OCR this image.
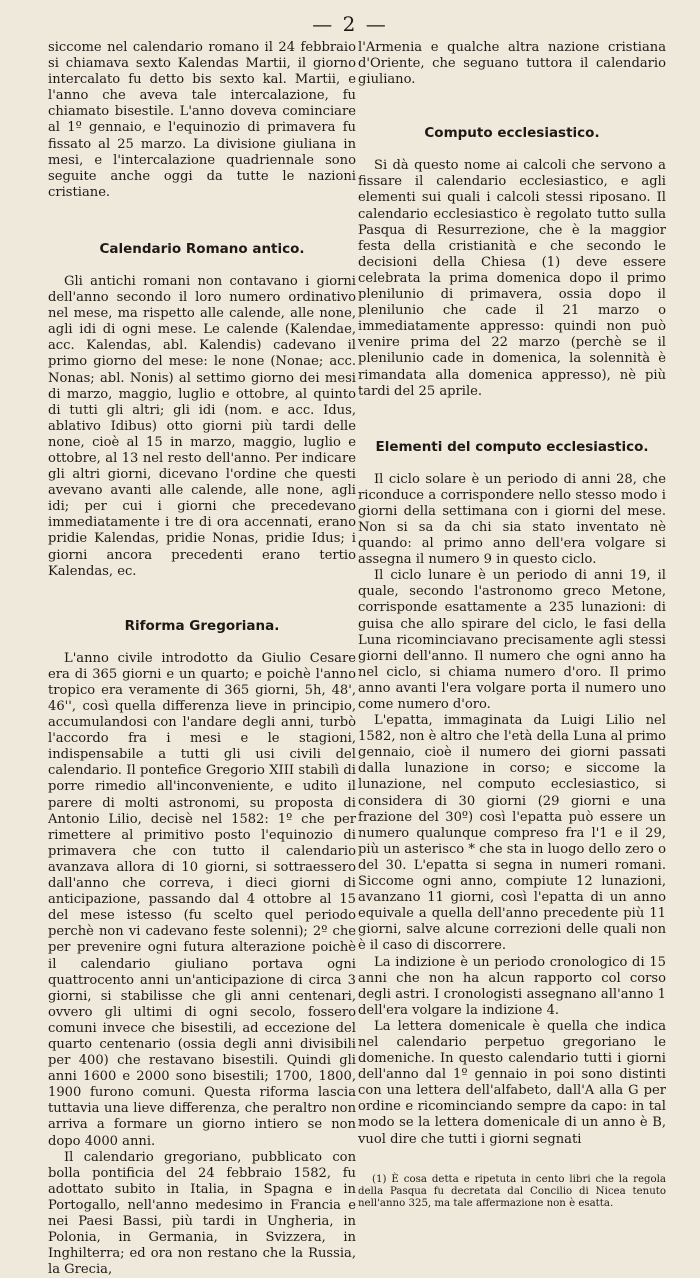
— 2 —

siccome nel calendario romano il 24 febbraio si chiamava sexto Kalendas Martii, il giorno intercalato fu detto bis sexto kal. Martii, e l'anno che aveva tale intercalazione, fu chiamato bisestile. L'anno doveva cominciare al 1º gennaio, e l'equinozio di primavera fu fissato al 25 marzo. La divisione giuliana in mesi, e l'intercalazione quadriennale sono seguite anche oggi da tutte le nazioni cristiane.

Calendario Romano antico.

Gli antichi romani non contavano i giorni dell'anno secondo il loro numero ordinativo nel mese, ma rispetto alle calende, alle none, agli idi di ogni mese. Le calende (Kalendae, acc. Kalendas, abl. Kalendis) cadevano il primo giorno del mese: le none (Nonae; acc. Nonas; abl. Nonis) al settimo giorno dei mesi di marzo, maggio, luglio e ottobre, al quinto di tutti gli altri; gli idi (nom. e acc. Idus, ablativo Idibus) otto giorni più tardi delle none, cioè al 15 in marzo, maggio, luglio e ottobre, al 13 nel resto dell'anno. Per indicare gli altri giorni, dicevano l'ordine che questi avevano avanti alle calende, alle none, agli idi; per cui i giorni che precedevano immediatamente i tre di ora accennati, erano pridie Kalendas, pridie Nonas, pridie Idus; i giorni ancora precedenti erano tertio Kalendas, ec.

Riforma Gregoriana.

L'anno civile introdotto da Giulio Cesare era di 365 giorni e un quarto; e poichè l'anno tropico era veramente di 365 giorni, 5h, 48', 46'', così quella differenza lieve in principio, accumulandosi con l'andare degli anni, turbò l'accordo fra i mesi e le stagioni, indispensabile a tutti gli usi civili del calendario. Il pontefice Gregorio XIII stabilì di porre rimedio all'inconveniente, e udito il parere di molti astronomi, su proposta di Antonio Lilio, decisè nel 1582: 1º che per rimettere al primitivo posto l'equinozio di primavera che con tutto il calendario avanzava allora di 10 giorni, si sottraessero dall'anno che correva, i dieci giorni di anticipazione, passando dal 4 ottobre al 15 del mese istesso (fu scelto quel periodo perchè non vi cadevano feste solenni); 2º che per prevenire ogni futura alterazione poichè il calendario giuliano portava ogni quattrocento anni un'anticipazione di circa 3 giorni, si stabilisse che gli anni centenari, ovvero gli ultimi di ogni secolo, fossero comuni invece che bisestili, ad eccezione del quarto centenario (ossia degli anni divisibili per 400) che restavano bisestili. Quindi gli anni 1600 e 2000 sono bisestili; 1700, 1800, 1900 furono comuni. Questa riforma lascia tuttavia una lieve differenza, che peraltro non arriva a formare un giorno intiero se non dopo 4000 anni.

Il calendario gregoriano, pubblicato con bolla pontificia del 24 febbraio 1582, fu adottato subito in Italia, in Spagna e in Portogallo, nell'anno medesimo in Francia e nei Paesi Bassi, più tardi in Ungheria, in Polonia, in Germania, in Svizzera, in Inghilterra; ed ora non restano che la Russia, la Grecia,

l'Armenia e qualche altra nazione cristiana d'Oriente, che seguano tuttora il calendario giuliano.

Computo ecclesiastico.

Si dà questo nome ai calcoli che servono a fissare il calendario ecclesiastico, e agli elementi sui quali i calcoli stessi riposano. Il calendario ecclesiastico è regolato tutto sulla Pasqua di Resurrezione, che è la maggior festa della cristianità e che secondo le decisioni della Chiesa (1) deve essere celebrata la prima domenica dopo il primo plenilunio di primavera, ossia dopo il plenilunio che cade il 21 marzo o immediatamente appresso: quindi non può venire prima del 22 marzo (perchè se il plenilunio cade in domenica, la solennità è rimandata alla domenica appresso), nè più tardi del 25 aprile.

Elementi del computo ecclesiastico.

Il ciclo solare è un periodo di anni 28, che riconduce a corrispondere nello stesso modo i giorni della settimana con i giorni del mese. Non si sa da chi sia stato inventato nè quando: al primo anno dell'era volgare si assegna il numero 9 in questo ciclo.

Il ciclo lunare è un periodo di anni 19, il quale, secondo l'astronomo greco Metone, corrisponde esattamente a 235 lunazioni: di guisa che allo spirare del ciclo, le fasi della Luna ricominciavano precisamente agli stessi giorni dell'anno. Il numero che ogni anno ha nel ciclo, si chiama numero d'oro. Il primo anno avanti l'era volgare porta il numero uno come numero d'oro.

L'epatta, immaginata da Luigi Lilio nel 1582, non è altro che l'età della Luna al primo gennaio, cioè il numero dei giorni passati dalla lunazione in corso; e siccome la lunazione, nel computo ecclesiastico, si considera di 30 giorni (29 giorni e una frazione del 30º) così l'epatta può essere un numero qualunque compreso fra l'1 e il 29, più un asterisco * che sta in luogo dello zero o del 30. L'epatta si segna in numeri romani. Siccome ogni anno, compiute 12 lunazioni, avanzano 11 giorni, così l'epatta di un anno equivale a quella dell'anno precedente più 11 giorni, salve alcune correzioni delle quali non è il caso di discorrere.

La indizione è un periodo cronologico di 15 anni che non ha alcun rapporto col corso degli astri. I cronologisti assegnano all'anno 1 dell'era volgare la indizione 4.

La lettera domenicale è quella che indica nel calendario perpetuo gregoriano le domeniche. In questo calendario tutti i giorni dell'anno dal 1º gennaio in poi sono distinti con una lettera dell'alfabeto, dall'A alla G per ordine e ricominciando sempre da capo: in tal modo se la lettera domenicale di un anno è B, vuol dire che tutti i giorni segnati

(1) È cosa detta e ripetuta in cento libri che la regola della Pasqua fu decretata dal Concilio di Nicea tenuto nell'anno 325, ma tale affermazione non è esatta.
